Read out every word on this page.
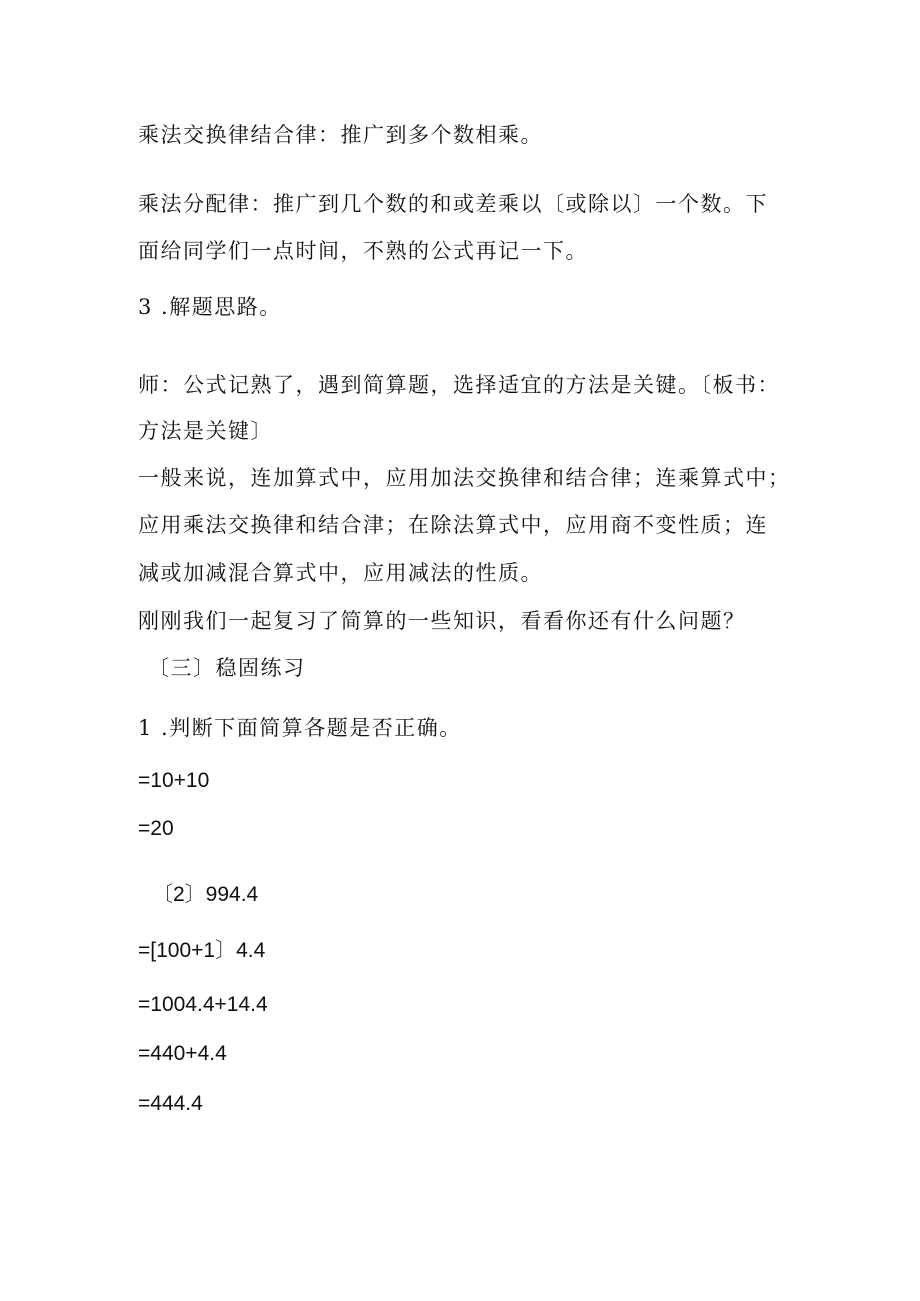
乘法交换律结合律：推广到多个数相乘。
乘法分配律：推广到几个数的和或差乘以〔或除以〕一个数。下
面给同学们一点时间，不熟的公式再记一下。
3 .解题思路。
师：公式记熟了，遇到简算题，选择适宜的方法是关键。〔板书：
方法是关键〕
一般来说，连加算式中，应用加法交换律和结合律；连乘算式中；
应用乘法交换律和结合津；在除法算式中，应用商不变性质；连
减或加减混合算式中，应用减法的性质。
刚刚我们一起复习了简算的一些知识，看看你还有什么问题？
〔三〕稳固练习
1 .判断下面简算各题是否正确。
=10+10
=20
〔2〕994.4
=[100+1〕4.4
=1004.4+14.4
=440+4.4
=444.4
